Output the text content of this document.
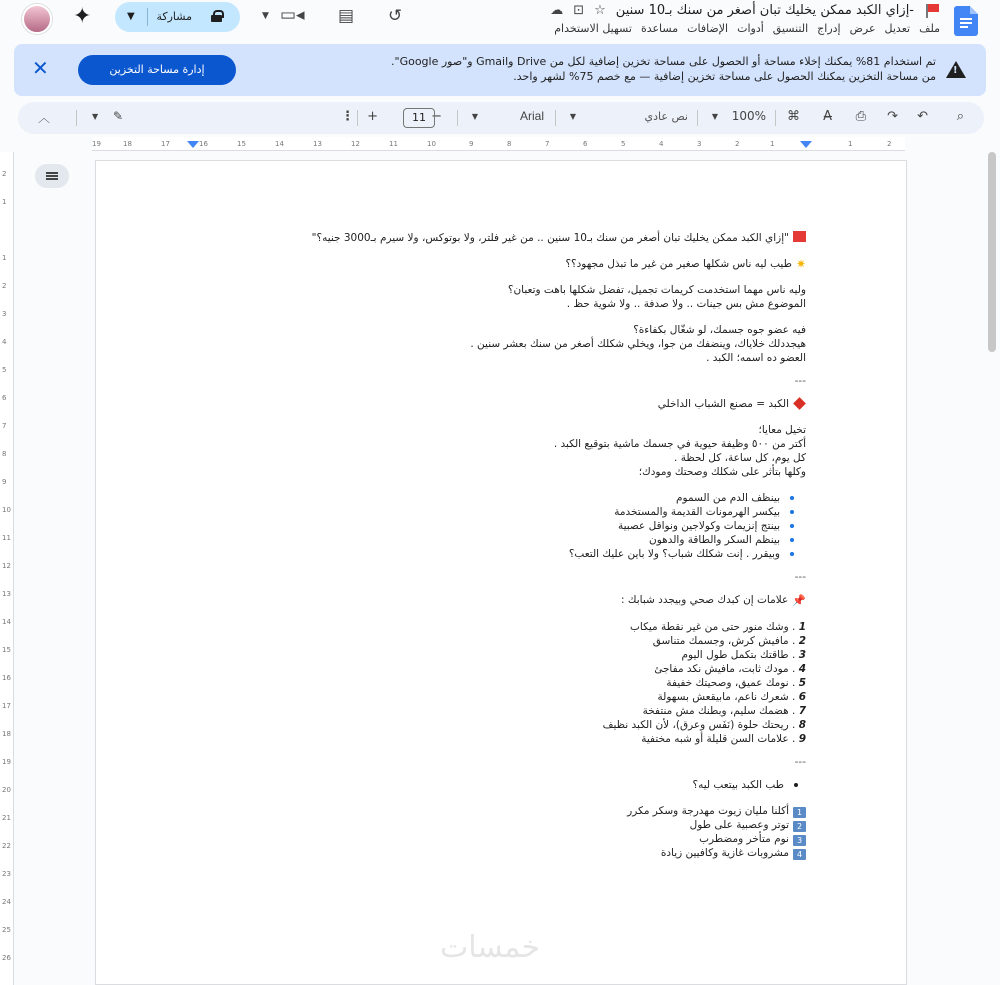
-إزاي الكبد ممكن يخليك تبان أصغر من سنك بـ10 سنين
☆
⊡
☁
ملف
تعديل
عرض
إدراج
التنسيق
أدوات
الإضافات
مساعدة
تسهيل الاستخدام
✦	▼ مشاركة	▼ ▭◂ ▤ ↺
!

تم استخدام 81% يمكنك إخلاء مساحة أو الحصول على مساحة تخزين إضافية لكل من Drive وGmail و"صور Google".

من مساحة التخزين يمكنك الحصول على مساحة تخزين إضافية — مع خصم 75% لشهر واحد.

إدارة مساحة التخزين
✕
⌕
↶
↷
⎙
A̶
⌘
100%
▼
نص عادي
▼
Arial
▼
−
11
+
⋮
✎
▼
︿
2
1
1
2
3
4
5
6
7
8
9
10
11
12
13
14
15
16
17
18
19
2
1
1
2
3
4
5
6
7
8
9
10
11
12
13
14
15
16
17
18
19
20
21
22
23
24
25
26

"إزاي الكبد ممكن يخليك تبان أصغر من سنك بـ10 سنين .. من غير فلتر، ولا بوتوكس، ولا سيرم بـ3000 جنيه؟"

✷طيب ليه ناس شكلها صغير من غير ما تبذل مجهود؟؟

وليه ناس مهما استخدمت كريمات تجميل، تفضل شكلها باهت وتعبان؟

الموضوع مش بس جينات .. ولا صدفة .. ولا شوية حظ .

فيه عضو جوه جسمك، لو شغّال بكفاءة؟

هيجددلك خلاياك، وينضفك من جوا، ويخلي شكلك أصغر من سنك بعشر سنين .

العضو ده اسمه؛ الكبد .

---

الكبد = مصنع الشباب الداخلي

تخيل معايا؛

أكتر من ٥٠٠ وظيفة حيوية في جسمك ماشية بتوقيع الكبد .

كل يوم، كل ساعة، كل لحظة .

وكلها بتأثر على شكلك وصحتك ومودك؛

بينظف الدم من السموم

بيكسر الهرمونات القديمة والمستخدمة

بينتج إنزيمات وكولاجين ونواقل عصبية

بينظم السكر والطاقة والدهون

وبيقرر . إنت شكلك شباب؟ ولا باين عليك التعب؟

---

📌علامات إن كبدك صحي وبيجدد شبابك :

1 . وشك منور حتى من غير نقطة ميكاب

2 . مافيش كرش، وجسمك متناسق

3 . طاقتك بتكمل طول اليوم

4 . مودك ثابت، مافيش نكد مفاجئ

5 . نومك عميق، وصحيتك خفيفة

6 . شعرك ناعم، مابيقعش بسهولة

7 . هضمك سليم، وبطنك مش منتفخة

8 . ريحتك حلوة (نَفَس وعرق)، لأن الكبد نظيف

9 . علامات السن قليلة أو شبه مختفية

---

طب الكبد بيتعب ليه؟

1أكلنا مليان زيوت مهدرجة وسكر مكرر

2توتر وعصبية على طول

3نوم متأخر ومضطرب

4مشروبات غازية وكافيين زيادة

خمسات
